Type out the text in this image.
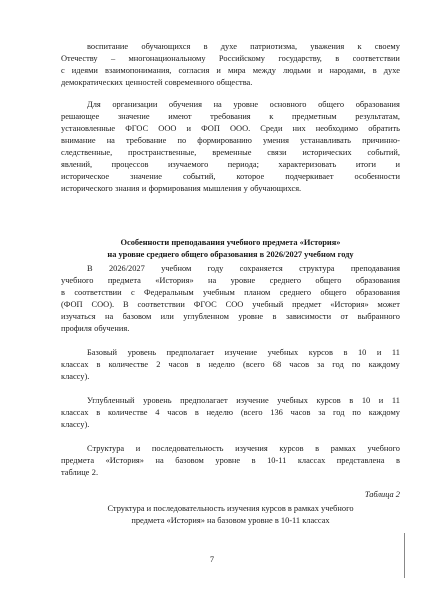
воспитание обучающихся в духе патриотизма, уважения к своему
Отечеству – многонациональному Российскому государству, в соответствии
с идеями взаимопонимания, согласия и мира между людьми и народами, в духе
демократических ценностей современного общества.
Для организации обучения на уровне основного общего образования
решающее значение имеют требования к предметным результатам,
установленные ФГОС ООО и ФОП ООО. Среди них необходимо обратить
внимание на требование по формированию умения устанавливать причинно-
следственные, пространственные, временные связи исторических событий,
явлений, процессов изучаемого периода; характеризовать итоги и
историческое	значение	событий,	которое	подчеркивает	особенности
исторического знания и формирования мышления у обучающихся.
Особенности преподавания учебного предмета «История»
на уровне среднего общего образования в 2026/2027 учебном году
В 2026/2027 учебном году сохраняется структура преподавания
учебного предмета «История» на уровне среднего общего образования
в соответствии с Федеральным учебным планом среднего общего образования
(ФОП СОО). В соответствии ФГОС СОО учебный предмет «История» может
изучаться на базовом или углубленном уровне в зависимости от выбранного
профиля обучения.
Базовый уровень предполагает изучение учебных курсов в 10 и 11
классах в количестве 2 часов в неделю (всего 68 часов за год по каждому
классу).
Углубленный уровень предполагает изучение учебных курсов в 10 и 11
классах в количестве 4 часов в неделю (всего 136 часов за год по каждому
классу).
Структура и последовательность изучения курсов в рамках учебного
предмета «История» на базовом уровне в 10-11 классах представлена в
таблице 2.
Таблица 2
Структура и последовательность изучения курсов в рамках учебного
предмета «История» на базовом уровне в 10-11 классах
7
